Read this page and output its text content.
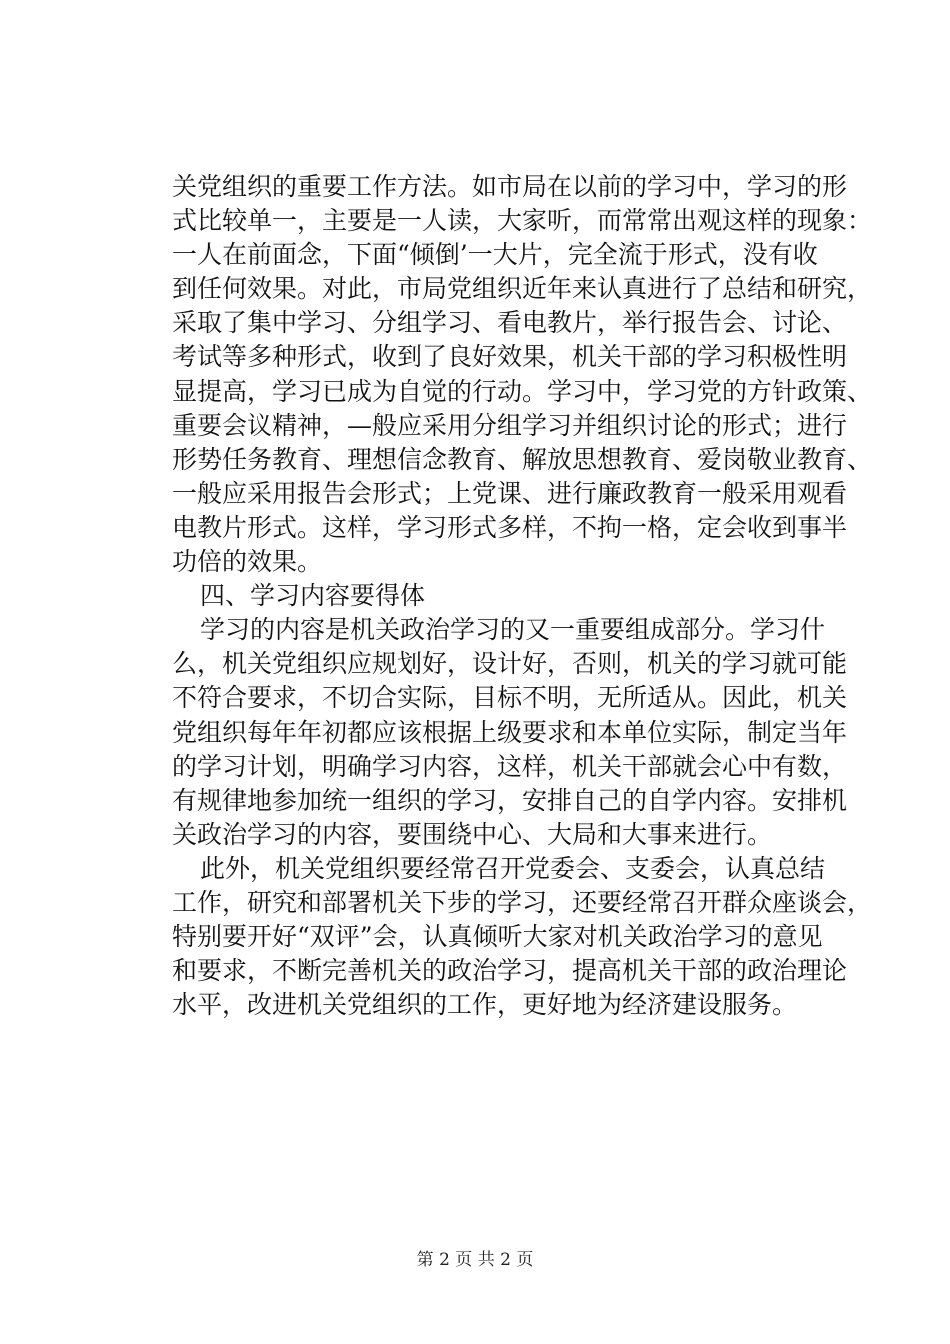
关党组织的重要工作方法。如市局在以前的学习中，学习的形
式比较单一，主要是一人读，大家听，而常常出观这样的现象：
一人在前面念，下面“倾倒’一大片，完全流于形式，没有收
到任何效果。对此，市局党组织近年来认真进行了总结和研究，
采取了集中学习、分组学习、看电教片，举行报告会、讨论、
考试等多种形式，收到了良好效果，机关干部的学习积极性明
显提高，学习已成为自觉的行动。学习中，学习党的方针政策、
重要会议精神，—般应采用分组学习并组织讨论的形式；进行
形势任务教育、理想信念教育、解放思想教育、爱岗敬业教育、
一般应采用报告会形式；上党课、进行廉政教育一般采用观看
电教片形式。这样，学习形式多样，不拘一格，定会收到事半
功倍的效果。
四、学习内容要得体
学习的内容是机关政治学习的又一重要组成部分。学习什
么，机关党组织应规划好，设计好，否则，机关的学习就可能
不符合要求，不切合实际，目标不明，无所适从。因此，机关
党组织每年年初都应该根据上级要求和本单位实际，制定当年
的学习计划，明确学习内容，这样，机关干部就会心中有数，
有规律地参加统一组织的学习，安排自己的自学内容。安排机
关政治学习的内容，要围绕中心、大局和大事来进行。
此外，机关党组织要经常召开党委会、支委会，认真总结
工作，研究和部署机关下步的学习，还要经常召开群众座谈会，
特别要开好“双评”会，认真倾听大家对机关政治学习的意见
和要求，不断完善机关的政治学习，提高机关干部的政治理论
水平，改进机关党组织的工作，更好地为经济建设服务。
第 2 页 共 2 页
